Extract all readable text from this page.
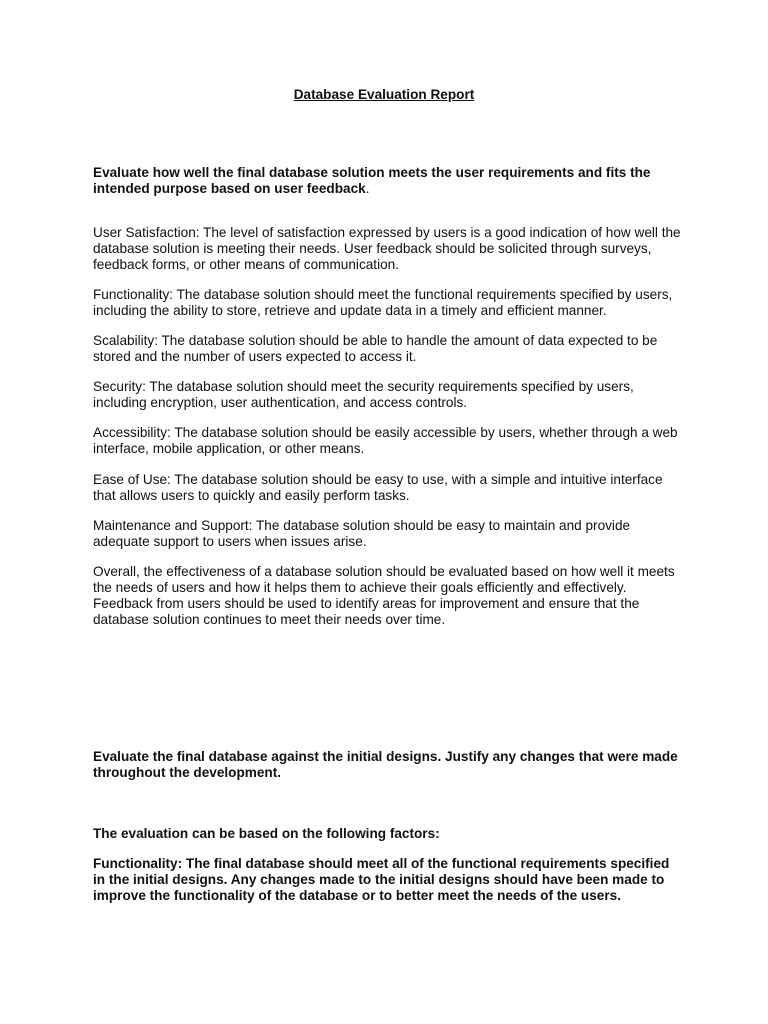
Database Evaluation Report

Evaluate how well the final database solution meets the user requirements and fits the intended purpose based on user feedback.

User Satisfaction: The level of satisfaction expressed by users is a good indication of how well the database solution is meeting their needs. User feedback should be solicited through surveys, feedback forms, or other means of communication.

Functionality: The database solution should meet the functional requirements specified by users, including the ability to store, retrieve and update data in a timely and efficient manner.

Scalability: The database solution should be able to handle the amount of data expected to be stored and the number of users expected to access it.

Security: The database solution should meet the security requirements specified by users, including encryption, user authentication, and access controls.

Accessibility: The database solution should be easily accessible by users, whether through a web interface, mobile application, or other means.

Ease of Use: The database solution should be easy to use, with a simple and intuitive interface that allows users to quickly and easily perform tasks.

Maintenance and Support: The database solution should be easy to maintain and provide adequate support to users when issues arise.

Overall, the effectiveness of a database solution should be evaluated based on how well it meets the needs of users and how it helps them to achieve their goals efficiently and effectively. Feedback from users should be used to identify areas for improvement and ensure that the database solution continues to meet their needs over time.

Evaluate the final database against the initial designs. Justify any changes that were made throughout the development.

The evaluation can be based on the following factors:

Functionality: The final database should meet all of the functional requirements specified in the initial designs. Any changes made to the initial designs should have been made to improve the functionality of the database or to better meet the needs of the users.
